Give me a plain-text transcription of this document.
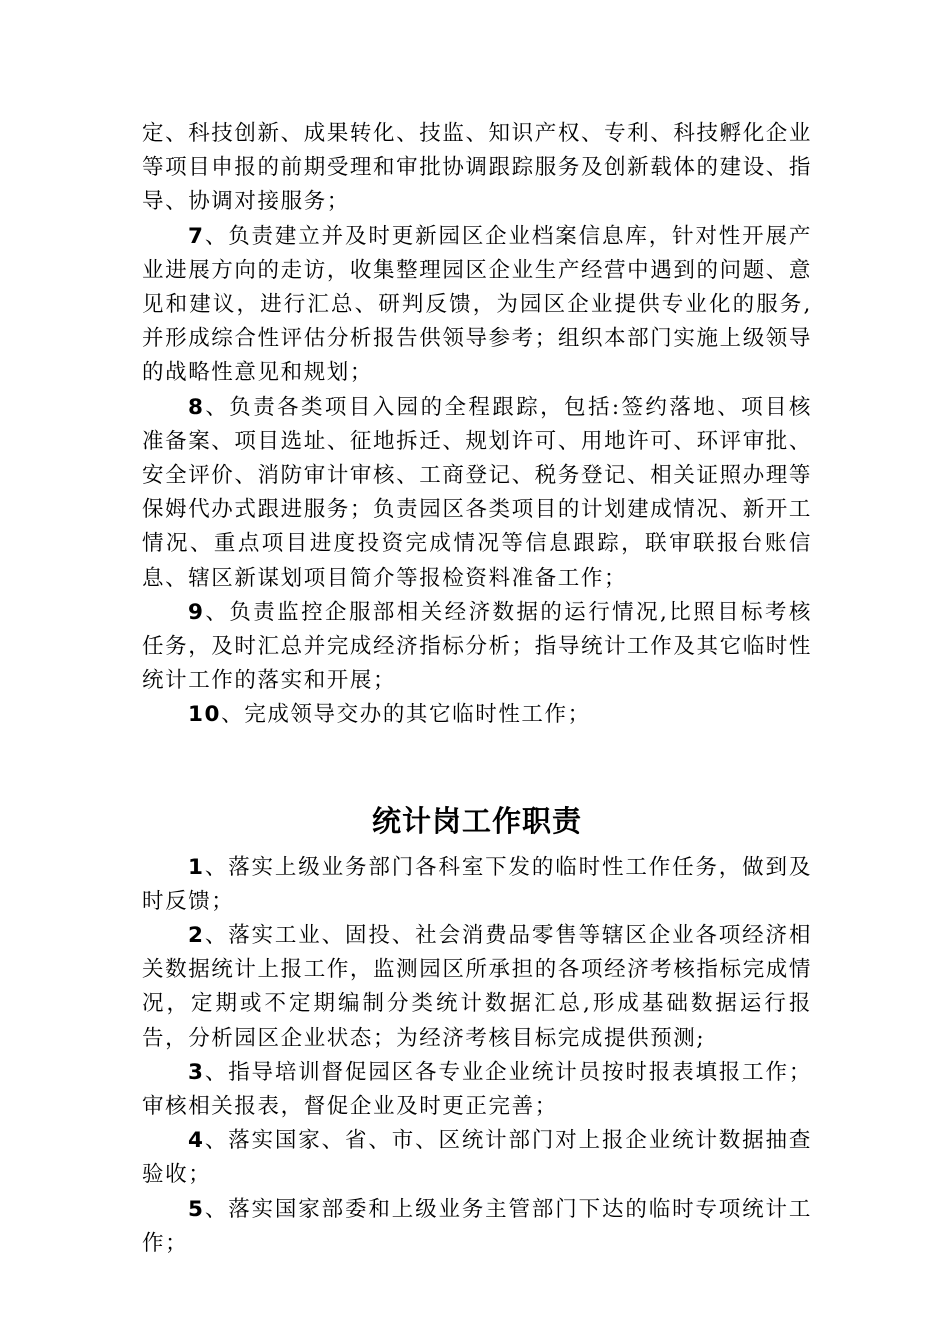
定、科技创新、成果转化、技监、知识产权、专利、科技孵化企业等项目申报的前期受理和审批协调跟踪服务及创新载体的建设、指导、协调对接服务；

7、负责建立并及时更新园区企业档案信息库，针对性开展产业进展方向的走访，收集整理园区企业生产经营中遇到的问题、意见和建议，进行汇总、研判反馈，为园区企业提供专业化的服务,并形成综合性评估分析报告供领导参考；组织本部门实施上级领导的战略性意见和规划；

8、负责各类项目入园的全程跟踪，包括:签约落地、项目核准备案、项目选址、征地拆迁、规划许可、用地许可、环评审批、安全评价、消防审计审核、工商登记、税务登记、相关证照办理等保姆代办式跟进服务；负责园区各类项目的计划建成情况、新开工情况、重点项目进度投资完成情况等信息跟踪，联审联报台账信息、辖区新谋划项目简介等报检资料准备工作；

9、负责监控企服部相关经济数据的运行情况,比照目标考核任务，及时汇总并完成经济指标分析；指导统计工作及其它临时性统计工作的落实和开展；

10、完成领导交办的其它临时性工作；

统计岗工作职责

1、落实上级业务部门各科室下发的临时性工作任务，做到及时反馈；

2、落实工业、固投、社会消费品零售等辖区企业各项经济相关数据统计上报工作，监测园区所承担的各项经济考核指标完成情况，定期或不定期编制分类统计数据汇总,形成基础数据运行报告，分析园区企业状态；为经济考核目标完成提供预测;

3、指导培训督促园区各专业企业统计员按时报表填报工作；审核相关报表，督促企业及时更正完善；

4、落实国家、省、市、区统计部门对上报企业统计数据抽查验收；

5、落实国家部委和上级业务主管部门下达的临时专项统计工作；
